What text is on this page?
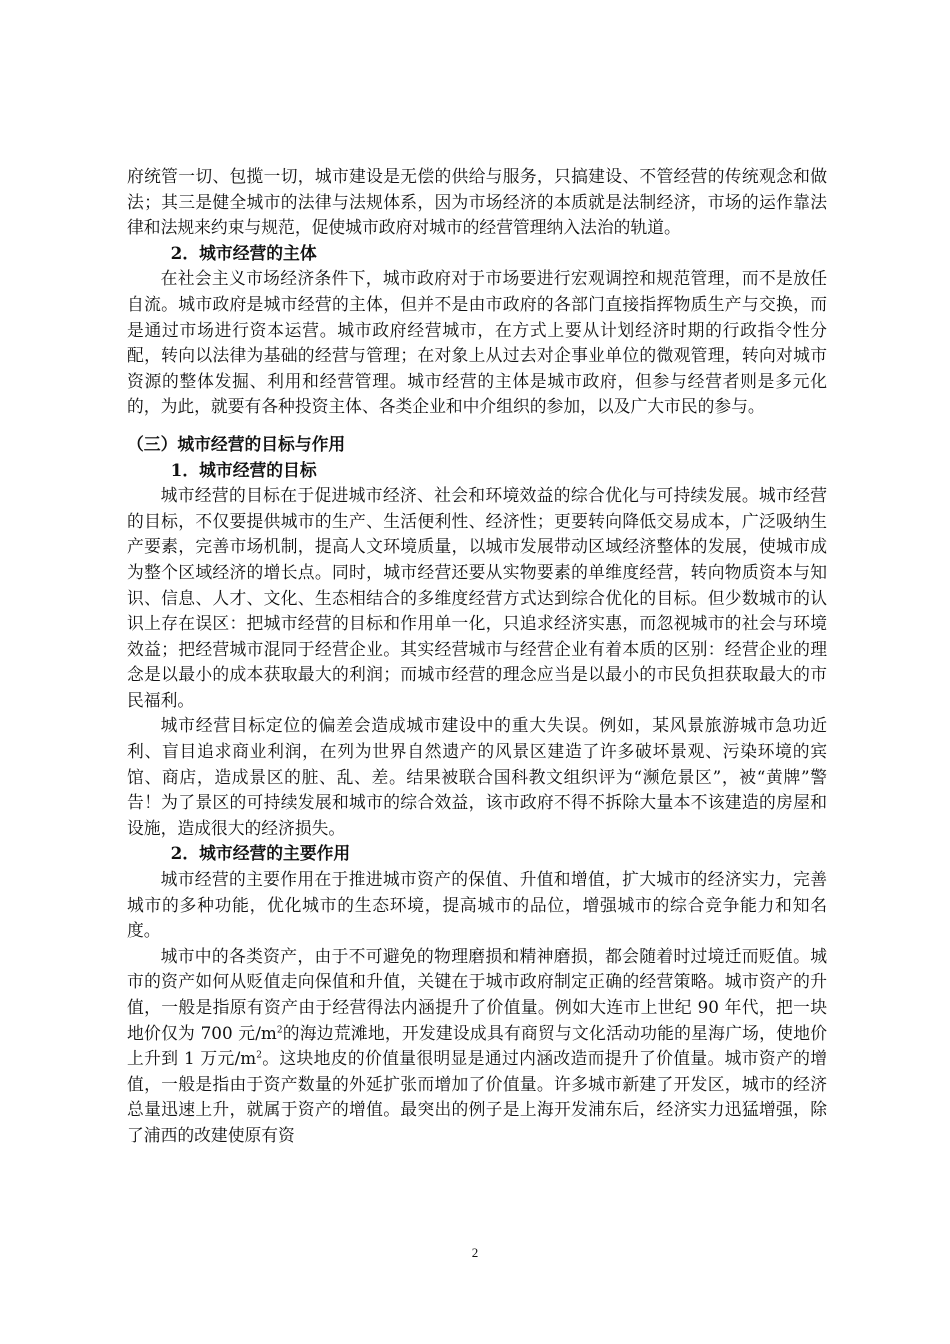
府统管一切、包揽一切，城市建设是无偿的供给与服务，只搞建设、不管经营的传统观念和做法；其三是健全城市的法律与法规体系，因为市场经济的本质就是法制经济，市场的运作靠法律和法规来约束与规范，促使城市政府对城市的经营管理纳入法治的轨道。

2．城市经营的主体

在社会主义市场经济条件下，城市政府对于市场要进行宏观调控和规范管理，而不是放任自流。城市政府是城市经营的主体，但并不是由市政府的各部门直接指挥物质生产与交换，而是通过市场进行资本运营。城市政府经营城市，在方式上要从计划经济时期的行政指令性分配，转向以法律为基础的经营与管理；在对象上从过去对企事业单位的微观管理，转向对城市资源的整体发掘、利用和经营管理。城市经营的主体是城市政府，但参与经营者则是多元化的，为此，就要有各种投资主体、各类企业和中介组织的参加，以及广大市民的参与。

（三）城市经营的目标与作用

1．城市经营的目标

城市经营的目标在于促进城市经济、社会和环境效益的综合优化与可持续发展。城市经营的目标，不仅要提供城市的生产、生活便利性、经济性；更要转向降低交易成本，广泛吸纳生产要素，完善市场机制，提高人文环境质量，以城市发展带动区域经济整体的发展，使城市成为整个区域经济的增长点。同时，城市经营还要从实物要素的单维度经营，转向物质资本与知识、信息、人才、文化、生态相结合的多维度经营方式达到综合优化的目标。但少数城市的认识上存在误区：把城市经营的目标和作用单一化，只追求经济实惠，而忽视城市的社会与环境效益；把经营城市混同于经营企业。其实经营城市与经营企业有着本质的区别：经营企业的理念是以最小的成本获取最大的利润；而城市经营的理念应当是以最小的市民负担获取最大的市民福利。

城市经营目标定位的偏差会造成城市建设中的重大失误。例如，某风景旅游城市急功近利、盲目追求商业利润，在列为世界自然遗产的风景区建造了许多破坏景观、污染环境的宾馆、商店，造成景区的脏、乱、差。结果被联合国科教文组织评为“濒危景区”，被“黄牌”警告！为了景区的可持续发展和城市的综合效益，该市政府不得不拆除大量本不该建造的房屋和设施，造成很大的经济损失。

2．城市经营的主要作用

城市经营的主要作用在于推进城市资产的保值、升值和增值，扩大城市的经济实力，完善城市的多种功能，优化城市的生态环境，提高城市的品位，增强城市的综合竞争能力和知名度。

城市中的各类资产，由于不可避免的物理磨损和精神磨损，都会随着时过境迁而贬值。城市的资产如何从贬值走向保值和升值，关键在于城市政府制定正确的经营策略。城市资产的升值，一般是指原有资产由于经营得法内涵提升了价值量。例如大连市上世纪 90 年代，把一块地价仅为 700 元$/m^2$的海边荒滩地，开发建设成具有商贸与文化活动功能的星海广场，使地价上升到 1 万元$/m^2$。这块地皮的价值量很明显是通过内涵改造而提升了价值量。城市资产的增值，一般是指由于资产数量的外延扩张而增加了价值量。许多城市新建了开发区，城市的经济总量迅速上升，就属于资产的增值。最突出的例子是上海开发浦东后，经济实力迅猛增强，除了浦西的改建使原有资

2
